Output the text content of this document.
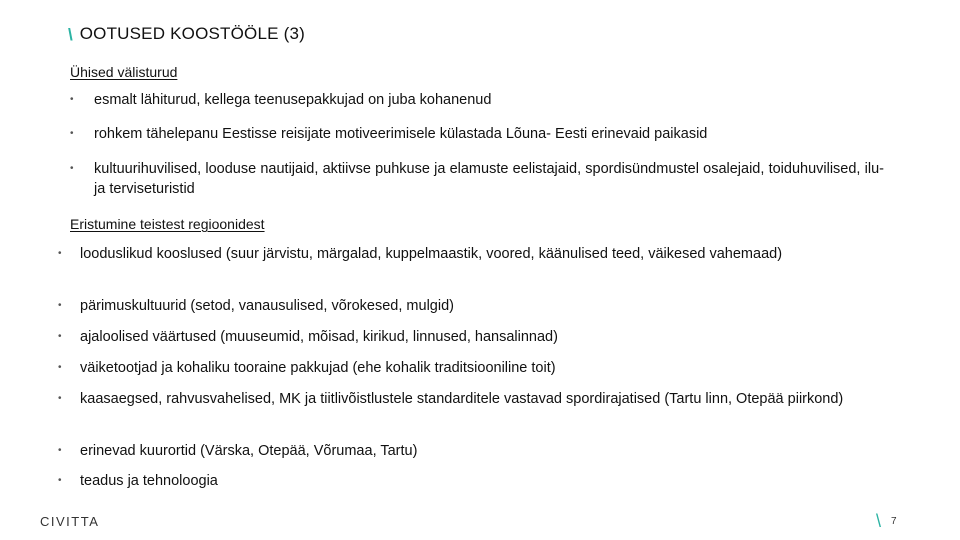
\ OOTUSED KOOSTÖÖLE (3)
Ühised välisturud
• esmalt lähiturud, kellega teenusepakkujad on juba kohanenud
• rohkem tähelepanu Eestisse reisijate motiveerimisele külastada Lõuna- Eesti erinevaid paikasid
• kultuurihuvilised, looduse nautijaid, aktiivse puhkuse ja elamuste eelistajaid, spordisündmustel osalejaid, toiduhuvilised, ilu- ja terviseturistid
Eristumine teistest regioonidest
• looduslikud kooslused (suur järvistu, märgalad, kuppelmaastik, voored, käänulised teed, väikesed vahemaad)
• pärimuskultuurid (setod, vanausulised, võrokesed, mulgid)
• ajaloolised väärtused (muuseumid, mõisad, kirikud, linnused, hansalinnad)
• väiketootjad ja kohaliku tooraine pakkujad (ehe kohalik traditsiooniline toit)
• kaasaegsed, rahvusvahelised, MK ja tiitlivõistlustele standarditele vastavad spordirajatised (Tartu linn, Otepää piirkond)
• erinevad kuurortid (Värska, Otepää, Võrumaa, Tartu)
• teadus ja tehnoloogia
CIVITTA	\ 7
